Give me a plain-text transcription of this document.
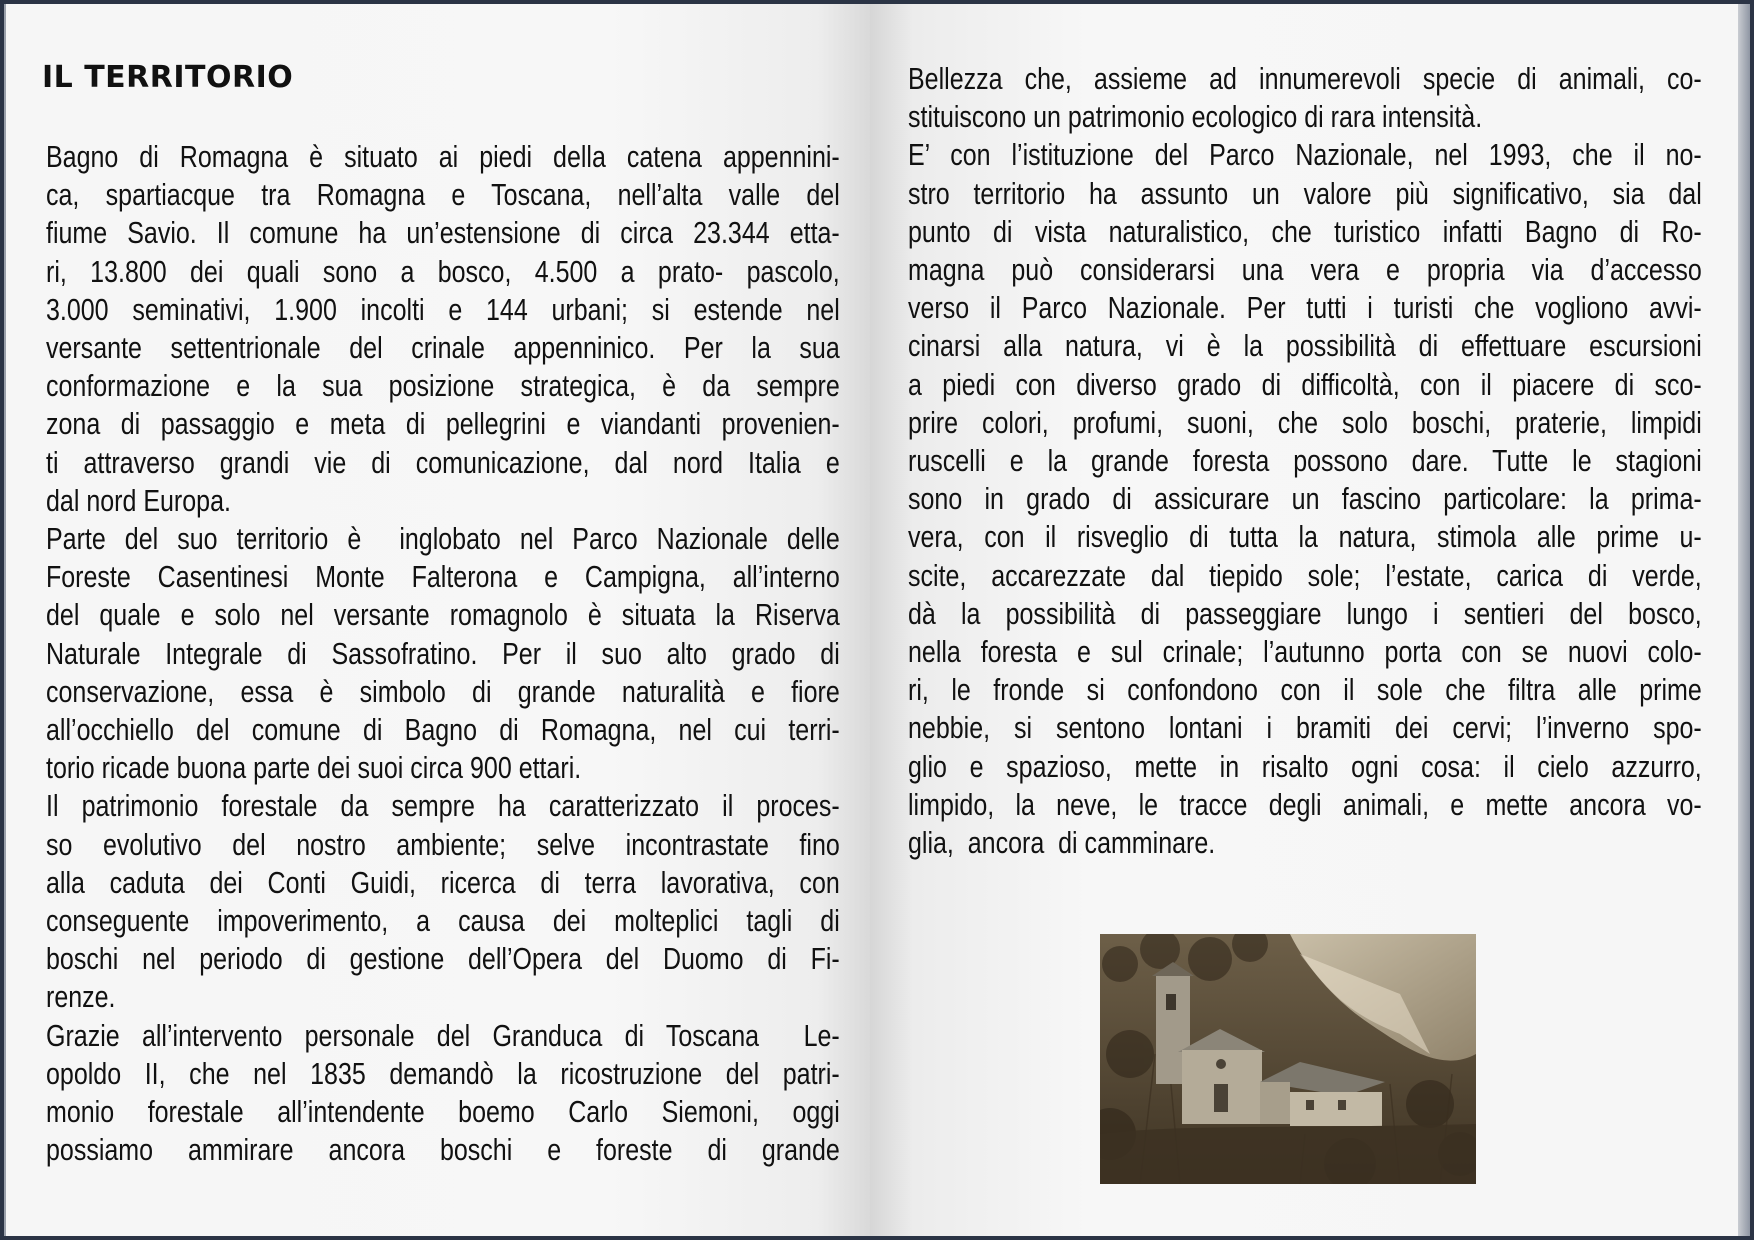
IL TERRITORIO
Bagno di Romagna è situato ai piedi della catena appennini-
ca, spartiacque tra Romagna e Toscana, nell’alta valle del
fiume Savio. Il comune ha un’estensione di circa 23.344 etta-
ri, 13.800 dei quali sono a bosco, 4.500 a prato- pascolo,
3.000 seminativi, 1.900 incolti e 144 urbani; si estende nel
versante settentrionale del crinale appenninico. Per la sua
conformazione e la sua posizione strategica, è da sempre
zona di passaggio e meta di pellegrini e viandanti provenien-
ti attraverso grandi vie di comunicazione, dal nord Italia e
dal nord Europa.
Parte del suo territorio è  inglobato nel Parco Nazionale delle
Foreste Casentinesi Monte Falterona e Campigna, all’interno
del quale e solo nel versante romagnolo è situata la Riserva
Naturale Integrale di Sassofratino. Per il suo alto grado di
conservazione, essa è simbolo di grande naturalità e fiore
all’occhiello del comune di Bagno di Romagna, nel cui terri-
torio ricade buona parte dei suoi circa 900 ettari.
Il patrimonio forestale da sempre ha caratterizzato il proces-
so evolutivo del nostro ambiente; selve incontrastate fino
alla caduta dei Conti Guidi, ricerca di terra lavorativa, con
conseguente impoverimento, a causa dei molteplici tagli di
boschi nel periodo di gestione dell’Opera del Duomo di Fi-
renze.
Grazie all’intervento personale del Granduca di Toscana  Le-
opoldo II, che nel 1835 demandò la ricostruzione del patri-
monio forestale all’intendente boemo Carlo Siemoni, oggi
possiamo  ammirare  ancora  boschi  e  foreste  di  grande
Bellezza che, assieme ad innumerevoli specie di animali, co-
stituiscono un patrimonio ecologico di rara intensità.
E’ con l’istituzione del Parco Nazionale, nel 1993, che il no-
stro territorio ha assunto un valore più significativo, sia dal
punto di vista naturalistico, che turistico infatti Bagno di Ro-
magna può considerarsi una vera e propria via d’accesso
verso il Parco Nazionale. Per tutti i turisti che vogliono avvi-
cinarsi alla natura, vi è la possibilità di effettuare escursioni
a piedi con diverso grado di difficoltà, con il piacere di sco-
prire colori, profumi, suoni, che solo boschi, praterie, limpidi
ruscelli e la grande foresta possono dare. Tutte le stagioni
sono in grado di assicurare un fascino particolare: la prima-
vera, con il risveglio di tutta la natura, stimola alle prime u-
scite, accarezzate dal tiepido sole; l’estate, carica di verde,
dà la possibilità di passeggiare lungo i sentieri del bosco,
nella foresta e sul crinale; l’autunno porta con se nuovi colo-
ri, le fronde si confondono con il sole che filtra alle prime
nebbie, si sentono lontani i bramiti dei cervi; l’inverno spo-
glio e spazioso, mette in risalto ogni cosa: il cielo azzurro,
limpido, la neve, le tracce degli animali, e mette ancora vo-
glia,  ancora  di camminare.
